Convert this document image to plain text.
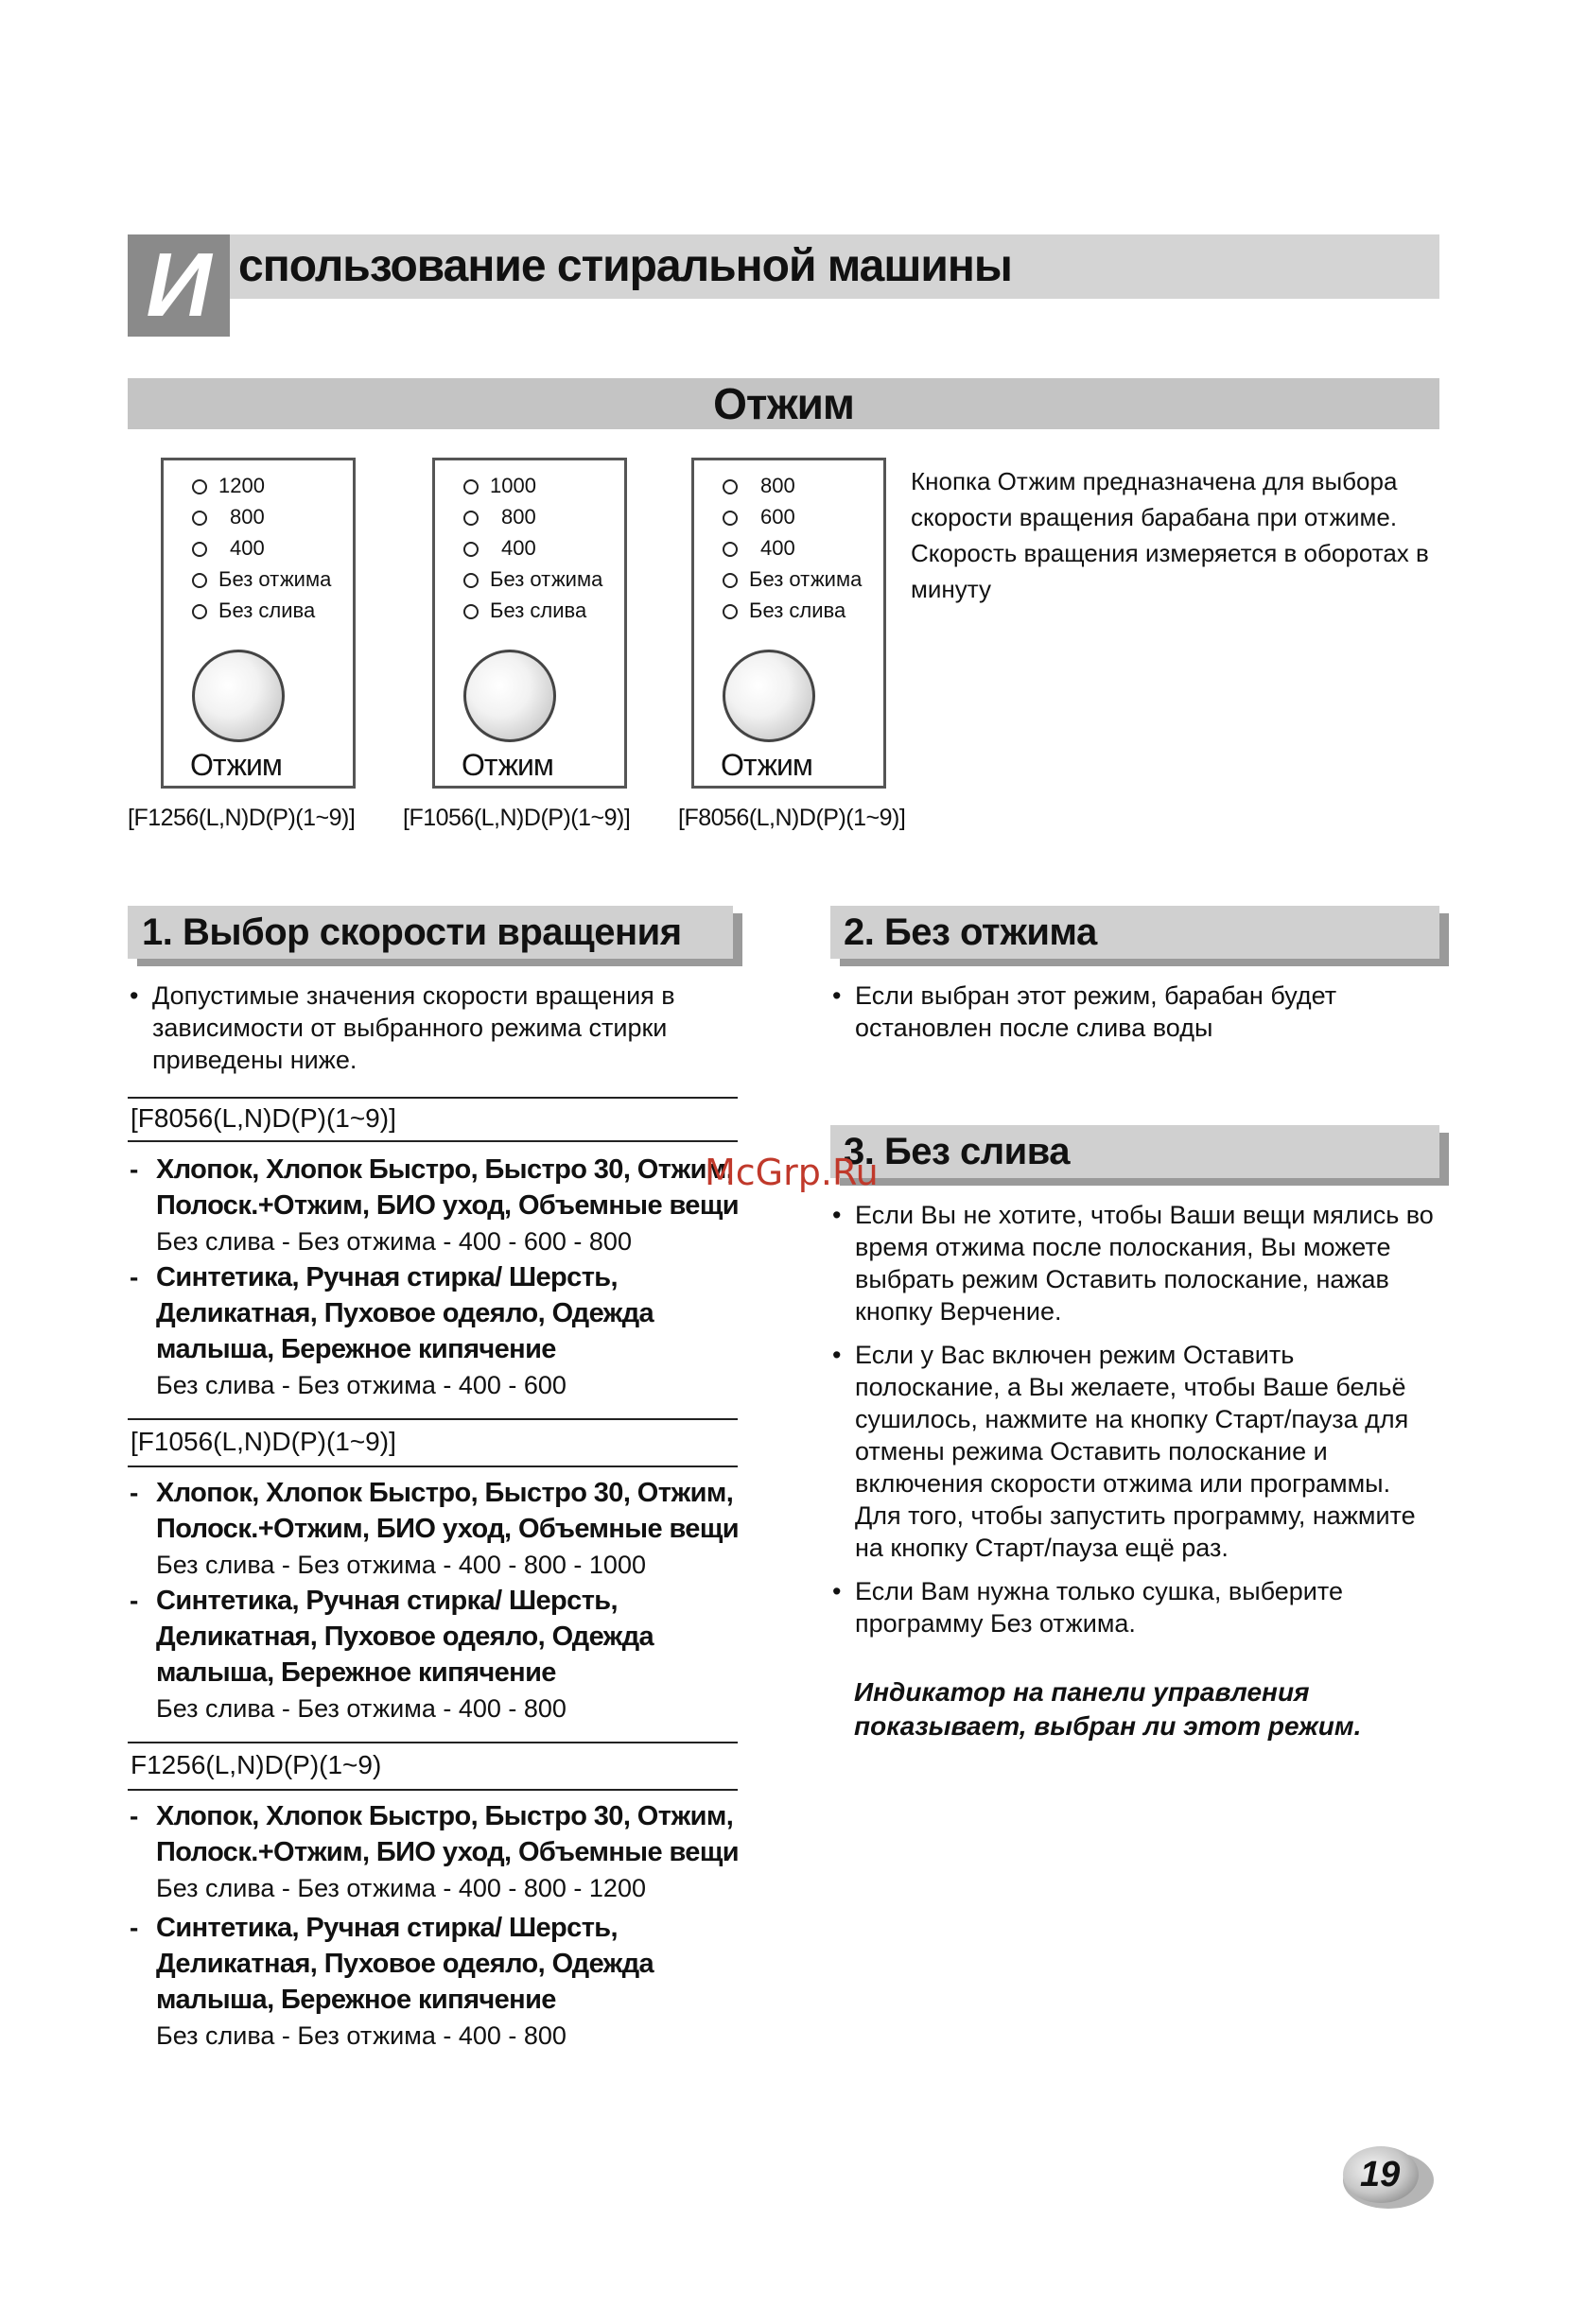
И спользование стиральной машины
Отжим
1200
800
400
Без отжима
Без слива
Отжим
1000
800
400
Без отжима
Без слива
Отжим
800
600
400
Без отжима
Без слива
Отжим
[F1256(L,N)D(P)(1~9)] [F1056(L,N)D(P)(1~9)] [F8056(L,N)D(P)(1~9)]
Кнопка Отжим предназначена для выбора скорости вращения барабана при отжиме. Скорость вращения измеряется в оборотах в минуту
1. Выбор скорости вращения
• Допустимые значения скорости вращения в зависимости от выбранного режима стирки приведены ниже.
[F8056(L,N)D(P)(1~9)]
- Хлопок, Хлопок Быстро, Быстро 30, Отжим, Полоск.+Отжим, БИО уход, Объемные вещи
Без слива - Без отжима - 400 - 600 - 800
- Синтетика, Ручная стирка/ Шерсть, Деликатная, Пуховое одеяло, Одежда малыша, Бережное кипячение
Без слива - Без отжима - 400 - 600
[F1056(L,N)D(P)(1~9)]
- Хлопок, Хлопок Быстро, Быстро 30, Отжим, Полоск.+Отжим, БИО уход, Объемные вещи
Без слива - Без отжима - 400 - 800 - 1000
- Синтетика, Ручная стирка/ Шерсть, Деликатная, Пуховое одеяло, Одежда малыша, Бережное кипячение
Без слива - Без отжима - 400 - 800
F1256(L,N)D(P)(1~9)
- Хлопок, Хлопок Быстро, Быстро 30, Отжим, Полоск.+Отжим, БИО уход, Объемные вещи
Без слива - Без отжима - 400 - 800 - 1200
- Синтетика, Ручная стирка/ Шерсть, Деликатная, Пуховое одеяло, Одежда малыша, Бережное кипячение
Без слива - Без отжима - 400 - 800
2. Без отжима
• Если выбран этот режим, барабан будет остановлен после слива воды
3. Без слива
• Если Вы не хотите, чтобы Ваши вещи мялись во время отжима после полоскания, Вы можете выбрать режим Оставить полоскание, нажав кнопку Верчение.
• Если у Вас включен режим Оставить полоскание, а Вы желаете, чтобы Ваше бельё сушилось, нажмите на кнопку Старт/пауза для отмены режима Оставить полоскание и включения скорости отжима или программы. Для того, чтобы запустить программу, нажмите на кнопку Старт/пауза ещё раз.
• Если Вам нужна только сушка, выберите программу Без отжима.
Индикатор на панели управления показывает, выбран ли этот режим.
McGrp.Ru
19
